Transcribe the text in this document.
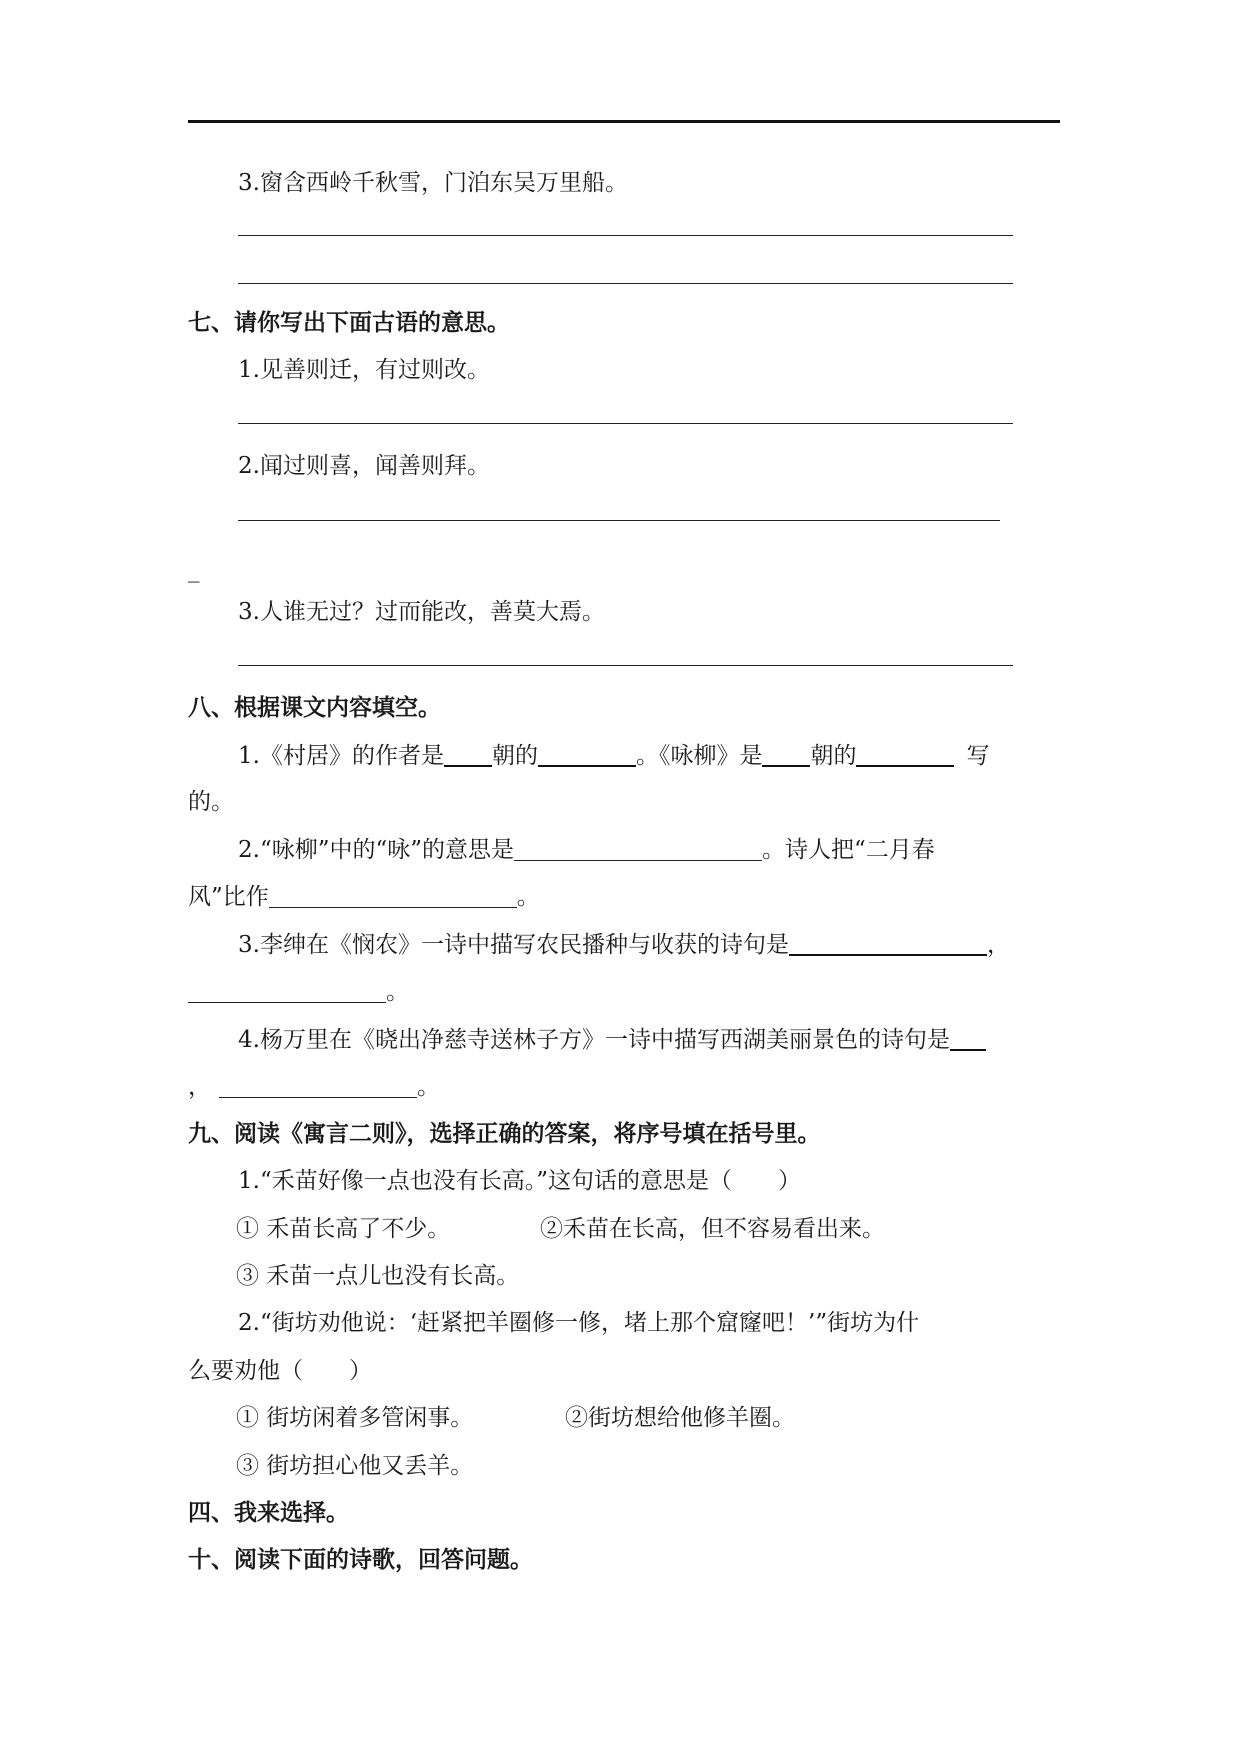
3.窗含西岭千秋雪，门泊东吴万里船。
七、请你写出下面古语的意思。
1.见善则迁，有过则改。
2.闻过则喜，闻善则拜。
_
3.人谁无过？过而能改，善莫大焉。
八、根据课文内容填空。
1.《村居》的作者是 朝的	。《咏柳》是 朝的	写
的。
2.“咏柳”中的“咏”的意思是	。诗人把“二月春
风”比作	。
3.李绅在《悯农》一诗中描写农民播种与收获的诗句是	，
。
4.杨万里在《晓出净慈寺送林子方》一诗中描写西湖美丽景色的诗句是
，	。
九、阅读《寓言二则》，选择正确的答案，将序号填在括号里。
1.“禾苗好像一点也没有长高。”这句话的意思是（　　）
① 禾苗长高了不少。	②禾苗在长高，但不容易看出来。
③ 禾苗一点儿也没有长高。
2.“街坊劝他说：‘赶紧把羊圈修一修，堵上那个窟窿吧！’”街坊为什
么要劝他（　　）
① 街坊闲着多管闲事。	②街坊想给他修羊圈。
③ 街坊担心他又丢羊。
四、我来选择。
十、阅读下面的诗歌，回答问题。
